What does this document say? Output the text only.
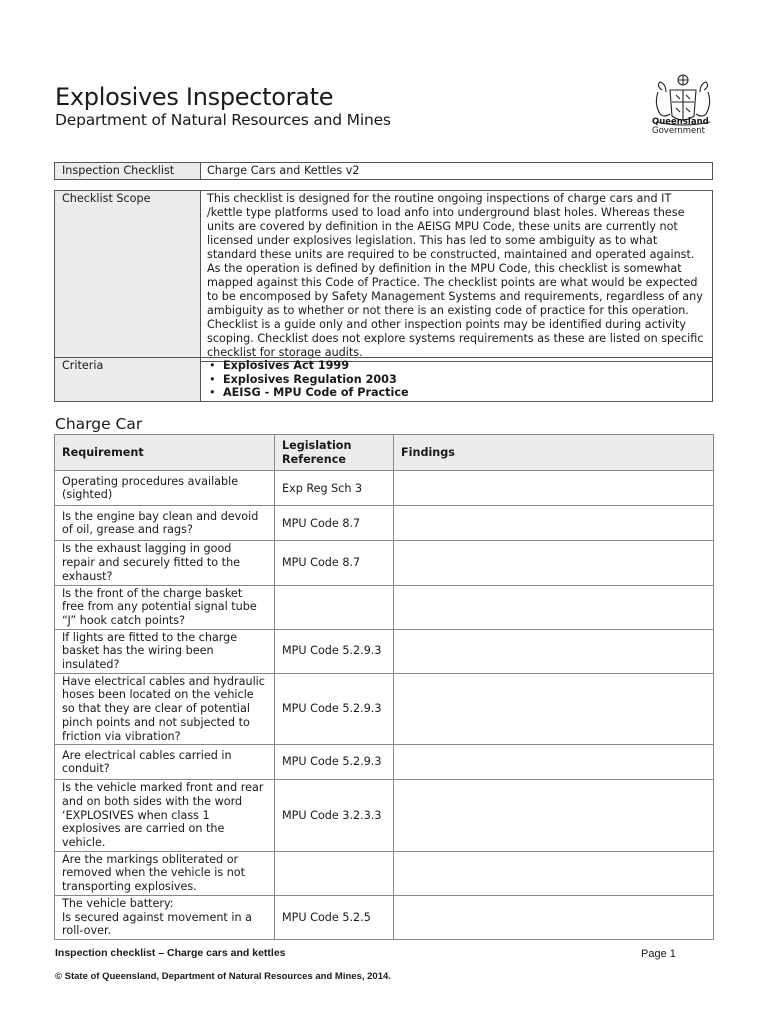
Explosives Inspectorate
Department of Natural Resources and Mines	Queensland
Government
Inspection Checklist	Charge Cars and Kettles v2
Checklist Scope	This checklist is designed for the routine ongoing inspections of charge cars and IT /kettle type platforms used to load anfo into underground blast holes. Whereas these units are covered by definition in the AEISG MPU Code, these units are currently not licensed under explosives legislation. This has led to some ambiguity as to what standard these units are required to be constructed, maintained and operated against. As the operation is defined by definition in the MPU Code, this checklist is somewhat mapped against this Code of Practice. The checklist points are what would be expected to be encomposed by Safety Management Systems and requirements, regardless of any ambiguity as to whether or not there is an existing code of practice for this operation. Checklist is a guide only and other inspection points may be identified during activity scoping. Checklist does not explore systems requirements as these are listed on specific checklist for storage audits.
Criteria	
•Explosives Act 1999
• Explosives Regulation 2003
• AEISG - MPU Code of Practice
Charge Car
Requirement	Legislation Reference	Findings
Operating procedures available (sighted)	Exp Reg Sch 3	
Is the engine bay clean and devoid of oil, grease and rags?	MPU Code 8.7	
Is the exhaust lagging in good repair and securely fitted to the exhaust?	MPU Code 8.7	
Is the front of the charge basket free from any potential signal tube “J” hook catch points?		
If lights are fitted to the charge basket has the wiring been insulated?	MPU Code 5.2.9.3	
Have electrical cables and hydraulic hoses been located on the vehicle so that they are clear of potential pinch points and not subjected to friction via vibration?	MPU Code 5.2.9.3	
Are electrical cables carried in conduit?	MPU Code 5.2.9.3	
Is the vehicle marked front and rear and on both sides with the word ‘EXPLOSIVES when class 1 explosives are carried on the vehicle.	MPU Code 3.2.3.3	
Are the markings obliterated or removed when the vehicle is not transporting explosives.		
The vehicle battery:
Is secured against movement in a roll-over.	MPU Code 5.2.5	
Inspection checklist – Charge cars and kettles	Page 1
© State of Queensland, Department of Natural Resources and Mines, 2014.
